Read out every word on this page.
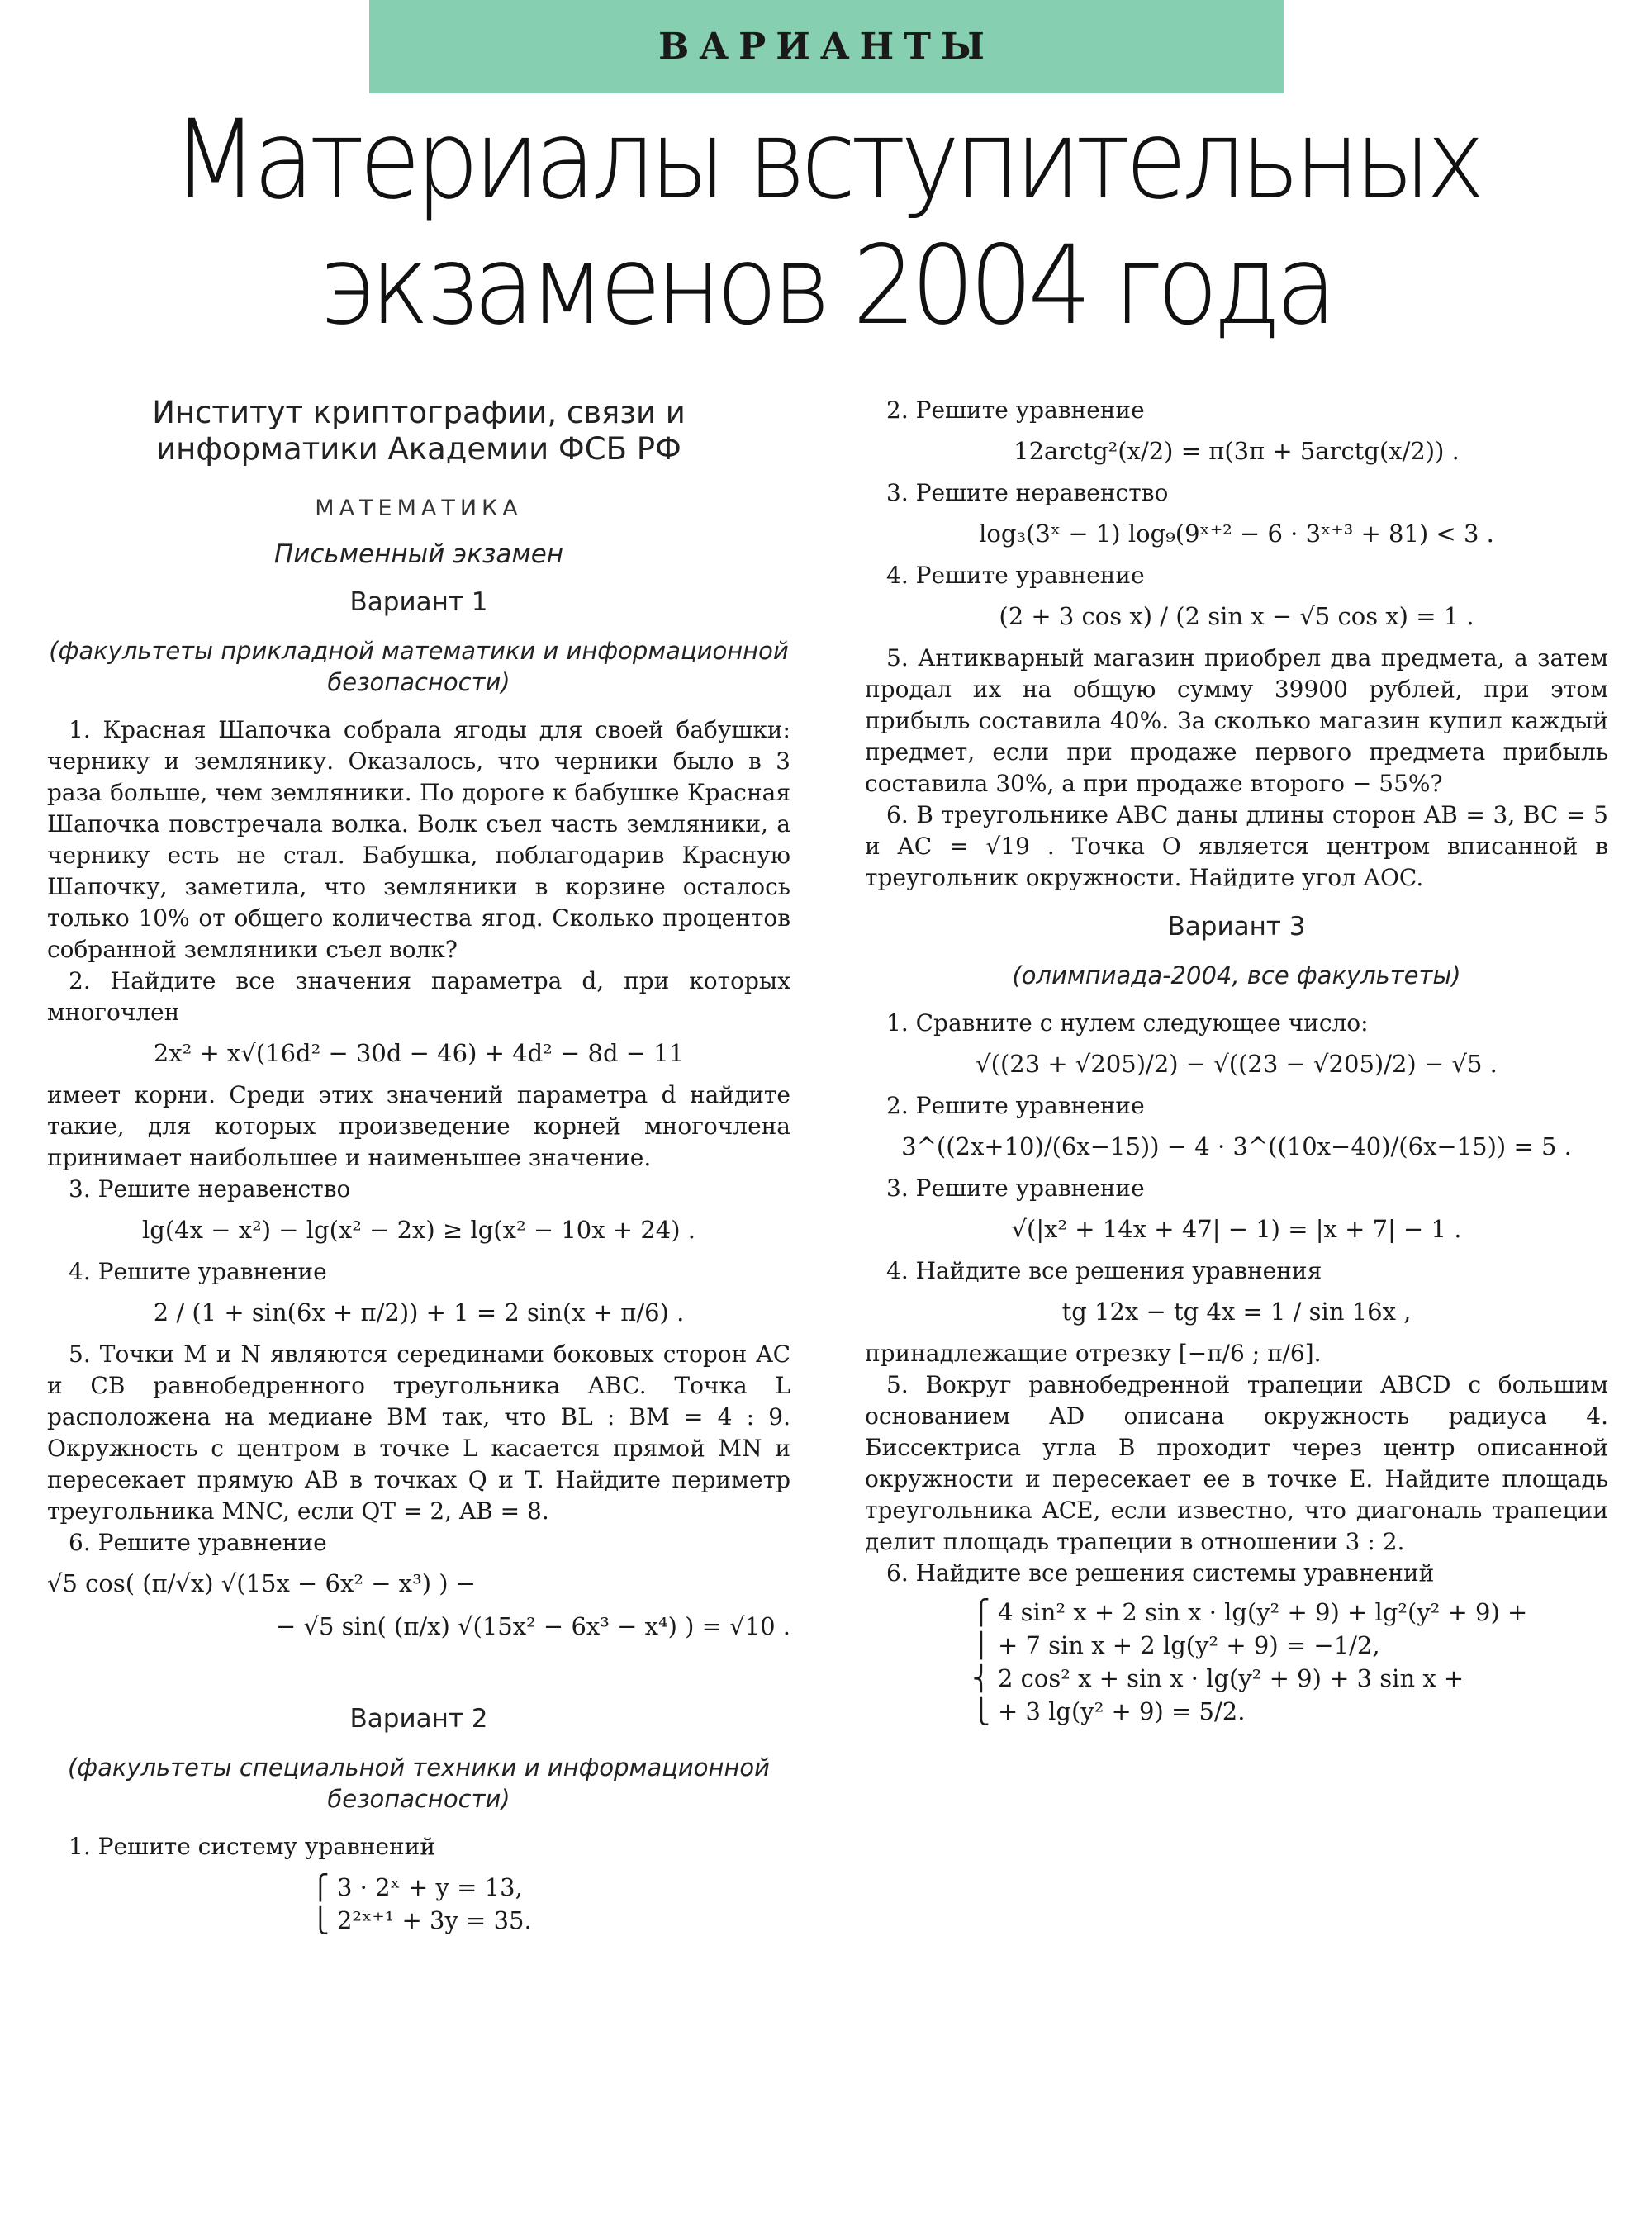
ВАРИАНТЫ
Материалы вступительных
экзаменов 2004 года
Институт криптографии, связи и информатики Академии ФСБ РФ
МАТЕМАТИКА
Письменный экзамен
Вариант 1
(факультеты прикладной математики и информационной безопасности)

1. Красная Шапочка собрала ягоды для своей бабушки: чернику и землянику. Оказалось, что черники было в 3 раза больше, чем земляники. По дороге к бабушке Красная Шапочка повстречала волка. Волк съел часть земляники, а чернику есть не стал. Бабушка, поблагодарив Красную Шапочку, заметила, что земляники в корзине осталось только 10% от общего количества ягод. Сколько процентов собранной земляники съел волк?

2. Найдите все значения параметра d, при которых многочлен

2x² + x√(16d² − 30d − 46) + 4d² − 8d − 11

имеет корни. Среди этих значений параметра d найдите такие, для которых произведение корней многочлена принимает наибольшее и наименьшее значение.

3. Решите неравенство

lg(4x − x²) − lg(x² − 2x) ≥ lg(x² − 10x + 24) .

4. Решите уравнение

2 / (1 + sin(6x + π/2)) + 1 = 2 sin(x + π/6) .

5. Точки M и N являются серединами боковых сторон AC и CB равнобедренного треугольника ABC. Точка L расположена на медиане BM так, что BL : BM = 4 : 9. Окружность с центром в точке L касается прямой MN и пересекает прямую AB в точках Q и T. Найдите периметр треугольника MNC, если QT = 2, AB = 8.

6. Решите уравнение

√5 cos( (π/√x) √(15x − 6x² − x³) ) −
− √5 sin( (π/x) √(15x² − 6x³ − x⁴) ) = √10 .
Вариант 2
(факультеты специальной техники и информационной безопасности)

1. Решите систему уравнений

⎧ 3 · 2ˣ + y = 13,
⎩ 2²ˣ⁺¹ + 3y = 35.

2. Решите уравнение

12arctg²(x/2) = π(3π + 5arctg(x/2)) .

3. Решите неравенство

log₃(3ˣ − 1) log₉(9ˣ⁺² − 6 · 3ˣ⁺³ + 81) < 3 .

4. Решите уравнение

(2 + 3 cos x) / (2 sin x − √5 cos x) = 1 .

5. Антикварный магазин приобрел два предмета, а затем продал их на общую сумму 39900 рублей, при этом прибыль составила 40%. За сколько магазин купил каждый предмет, если при продаже первого предмета прибыль составила 30%, а при продаже второго − 55%?

6. В треугольнике ABC даны длины сторон AB = 3, BC = 5 и AC = √19 . Точка O является центром вписанной в треугольник окружности. Найдите угол AOC.

Вариант 3
(олимпиада-2004, все факультеты)

1. Сравните с нулем следующее число:

√((23 + √205)/2) − √((23 − √205)/2) − √5 .

2. Решите уравнение

3^((2x+10)/(6x−15)) − 4 · 3^((10x−40)/(6x−15)) = 5 .

3. Решите уравнение

√(|x² + 14x + 47| − 1) = |x + 7| − 1 .

4. Найдите все решения уравнения

tg 12x − tg 4x = 1 / sin 16x ,

принадлежащие отрезку [−π/6 ; π/6].

5. Вокруг равнобедренной трапеции ABCD с большим основанием AD описана окружность радиуса 4. Биссектриса угла B проходит через центр описанной окружности и пересекает ее в точке E. Найдите площадь треугольника ACE, если известно, что диагональ трапеции делит площадь трапеции в отношении 3 : 2.

6. Найдите все решения системы уравнений

⎧ 4 sin² x + 2 sin x · lg(y² + 9) + lg²(y² + 9) +
⎪ + 7 sin x + 2 lg(y² + 9) = −1/2,
⎨ 2 cos² x + sin x · lg(y² + 9) + 3 sin x +
⎩ + 3 lg(y² + 9) = 5/2.
